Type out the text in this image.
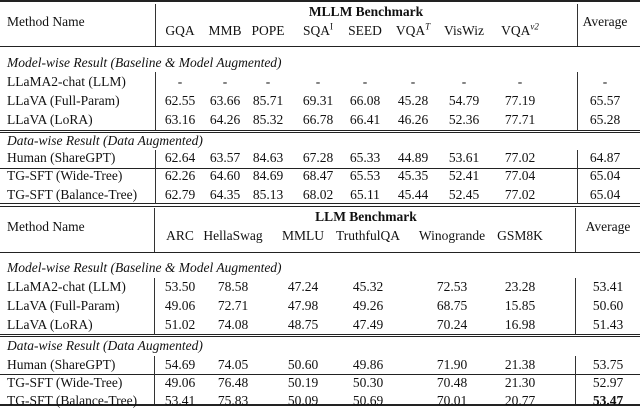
Method Name
MLLM Benchmark
Average
GQA MMB POPE $SQA^I$ SEED $VQA^T$ VisWiz $VQA^{v2}$
Model-wise Result (Baseline & Model Augmented)
LLaMA2-chat (LLM)	-	-	-	-	-	-	-	-	-
LLaVA (Full-Param)	62.55 63.66 85.71 69.31 66.08 45.28 54.79 77.19	65.57
LLaVA (LoRA)	63.16 64.26 85.32 66.78 66.41 46.26 52.36 77.71	65.28
Data-wise Result (Data Augmented)
Human (ShareGPT)	62.64 63.57 84.63 67.28 65.33 44.89 53.61 77.02	64.87
TG-SFT (Wide-Tree)	62.26 64.60 84.69 68.47 65.53 45.35 52.41 77.04	65.04
TG-SFT (Balance-Tree) 62.79 64.35 85.13 68.02 65.11 45.44 52.45 77.02	65.04
Method Name
LLM Benchmark
Average
ARC HellaSwag MMLU TruthfulQA Winogrande GSM8K
Model-wise Result (Baseline & Model Augmented)
LLaMA2-chat (LLM)	53.50 78.58	47.24	45.32	72.53	23.28	53.41
LLaVA (Full-Param)	49.06 72.71	47.98	49.26	68.75	15.85	50.60
LLaVA (LoRA)	51.02 74.08	48.75	47.49	70.24	16.98	51.43
Data-wise Result (Data Augmented)
Human (ShareGPT)	54.69 74.05	50.60	49.86	71.90	21.38	53.75
TG-SFT (Wide-Tree)	49.06 76.48	50.19	50.30	70.48	21.30	52.97
TG-SFT (Balance-Tree) 53.41 75.83	50.09	50.69	70.01	20.77	53.47
